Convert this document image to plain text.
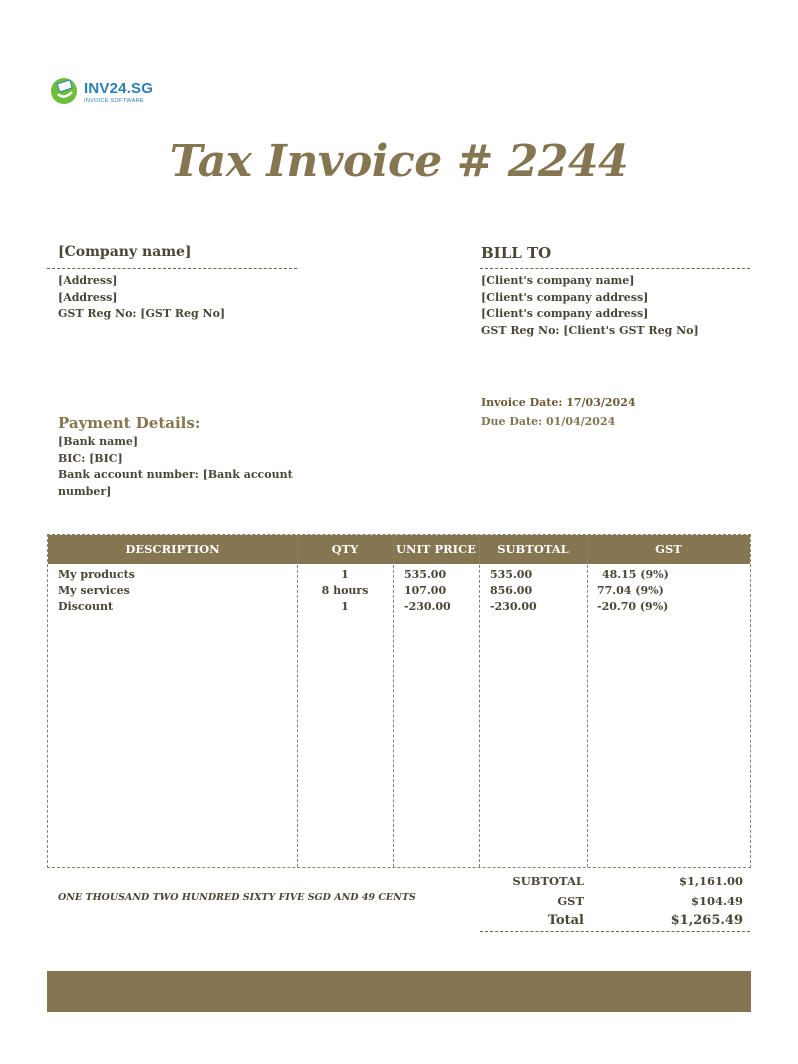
INV24.SG
INVOICE SOFTWARE
Tax Invoice # 2244
[Company name]
[Address]
[Address]
GST Reg No: [GST Reg No]
BILL TO
[Client's company name]
[Client's company address]
[Client's company address]
GST Reg No: [Client's GST Reg No]
Invoice Date: 17/03/2024
Due Date: 01/04/2024
Payment Details:
[Bank name]
BIC: [BIC]
Bank account number: [Bank account
number]
DESCRIPTION	QTY	UNIT PRICE	SUBTOTAL	GST
My products	1	535.00	535.00	48.15 (9%)
My services	8 hours	107.00	856.00	77.04 (9%)
Discount	1	-230.00	-230.00	-20.70 (9%)
ONE THOUSAND TWO HUNDRED SIXTY FIVE SGD AND 49 CENTS
SUBTOTAL	$1,161.00
GST	$104.49
Total	$1,265.49
